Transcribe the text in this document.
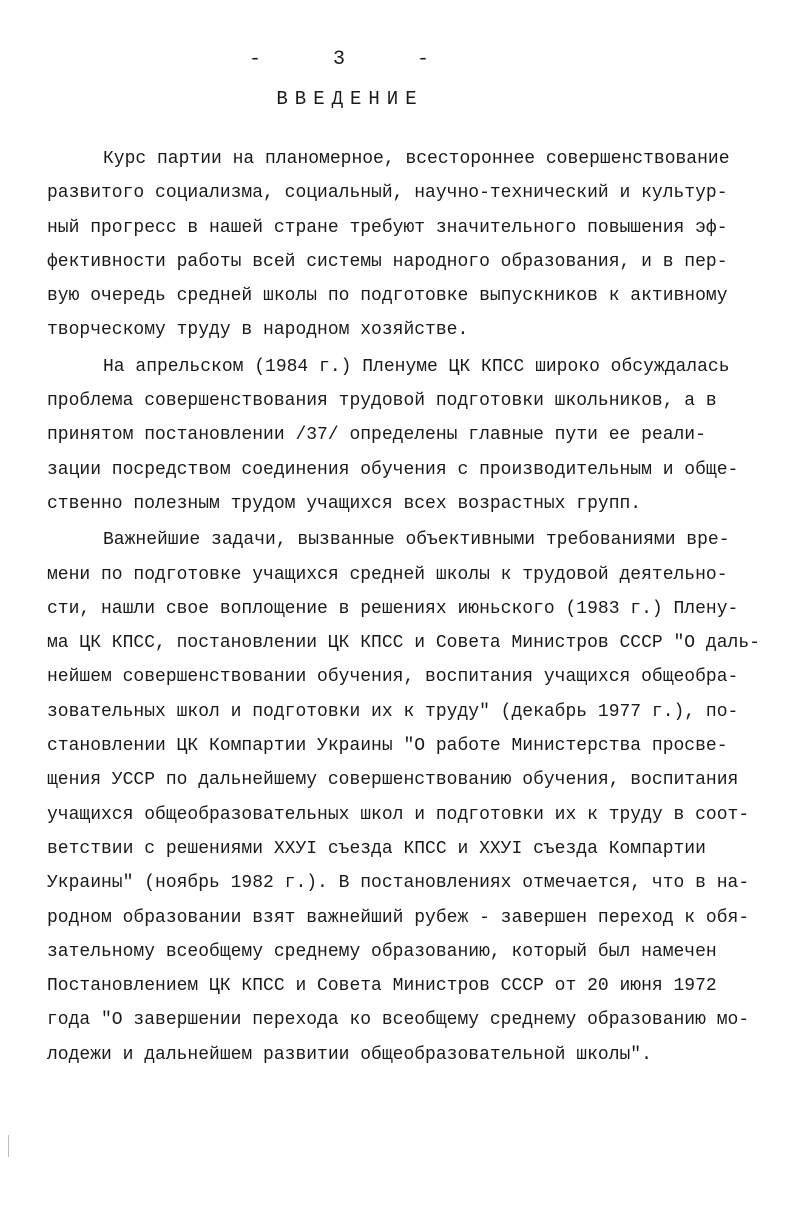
-	3	-
ВВЕДЕНИЕ
Курс партии на планомерное, всестороннее совершенствование
развитого социализма, социальный, научно-технический и культур-
ный прогресс в нашей стране требуют значительного повышения эф-
фективности работы всей системы народного образования, и в пер-
вую очередь средней школы по подготовке выпускников к активному
творческому труду в народном хозяйстве.
На апрельском (1984 г.) Пленуме ЦК КПСС широко обсуждалась
проблема совершенствования трудовой подготовки школьников, а в
принятом постановлении /37/ определены главные пути ее реали-
зации посредством соединения обучения с производительным и обще-
ственно полезным трудом учащихся всех возрастных групп.
Важнейшие задачи, вызванные объективными требованиями вре-
мени по подготовке учащихся средней школы к трудовой деятельно-
сти, нашли свое воплощение в решениях июньского (1983 г.) Плену-
ма ЦК КПСС, постановлении ЦК КПСС и Совета Министров СССР "О даль-
нейшем совершенствовании обучения, воспитания учащихся общеобра-
зовательных школ и подготовки их к труду" (декабрь 1977 г.), по-
становлении ЦК Компартии Украины "О работе Министерства просве-
щения УССР по дальнейшему совершенствованию обучения, воспитания
учащихся общеобразовательных школ и подготовки их к труду в соот-
ветствии с решениями ХХУI съезда КПСС и ХХУI съезда Компартии
Украины" (ноябрь 1982 г.). В постановлениях отмечается, что в на-
родном образовании взят важнейший рубеж - завершен переход к обя-
зательному всеобщему среднему образованию, который был намечен
Постановлением ЦК КПСС и Совета Министров СССР от 20 июня 1972
года "О завершении перехода ко всеобщему среднему образованию мо-
лодежи и дальнейшем развитии общеобразовательной школы".
